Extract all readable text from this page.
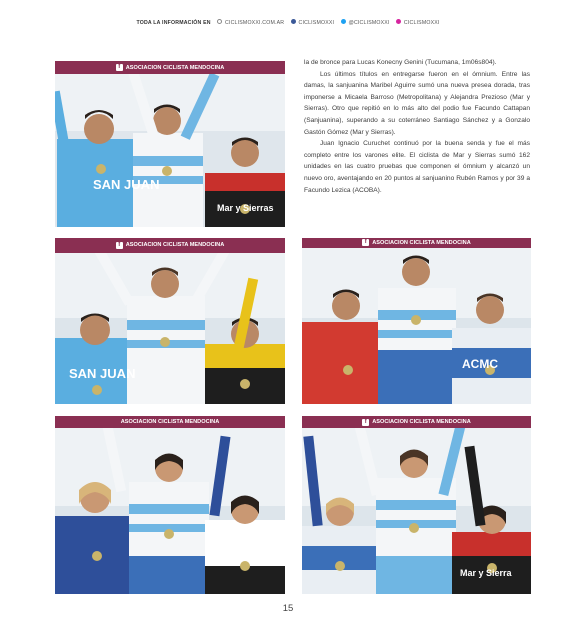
TODA LA INFORMACIÓN EN	CICLISMOXXI.COM.AR	CICLISMOXXI	@CICLISMOXXI	CICLISMOXXI

la de bronce para Lucas Konecny Genini (Tucumana, 1m06s804).

Los últimos títulos en entregarse fueron en el ómnium. Entre las damas, la sanjuanina Maribel Aguirre sumó una nueva presea dorada, tras imponerse a Micaela Barroso (Metropolitana) y Alejandra Prezioso (Mar y Sierras). Otro que repitió en lo más alto del podio fue Facundo Cattapan (Sanjuanina), superando a su coterráneo Santiago Sánchez y a Gonzalo Gastón Gómez (Mar y Sierras).

Juan Ignacio Curuchet continuó por la buena senda y fue el más completo entre los varones elite. El ciclista de Mar y Sierras sumó 162 unidades en las cuatro pruebas que componen el ómnium y alcanzó un nuevo oro, aventajando en 20 puntos al sanjuanino Rubén Ramos y por 39 a Facundo Lezica (ACOBA).

SAN JUAN
Mar y Sierras
f ASOCIACION CICLISTA MENDOCINA
SAN JUAN
f ASOCIACION CICLISTA MENDOCINA
ACMC
f ASOCIACION CICLISTA MENDOCINA
ASOCIACION CICLISTA MENDOCINA
Mar y Sierra
f ASOCIACION CICLISTA MENDOCINA
15
